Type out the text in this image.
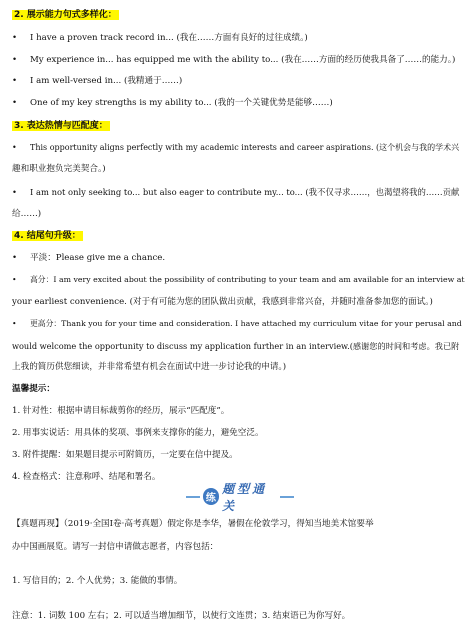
2. 展示能力句式多样化：
• I have a proven track record in... (我在……方面有良好的过往成绩。)
• My experience in... has equipped me with the ability to... (我在……方面的经历使我具备了……的能力。)
• I am well-versed in... (我精通于……)
• One of my key strengths is my ability to... (我的一个关键优势是能够……)
3. 表达热情与匹配度：
• This opportunity aligns perfectly with my academic interests and career aspirations. (这个机会与我的学术兴
趣和职业抱负完美契合。)
• I am not only seeking to... but also eager to contribute my... to... (我不仅寻求……，也渴望将我的……贡献
给……)
4. 结尾句升级：
• 平淡：Please give me a chance.
• 高分：I am very excited about the possibility of contributing to your team and am available for an interview at
your earliest convenience. (对于有可能为您的团队做出贡献，我感到非常兴奋，并随时准备参加您的面试。)
• 更高分：Thank you for your time and consideration. I have attached my curriculum vitae for your perusal and
would welcome the opportunity to discuss my application further in an interview.(感谢您的时间和考虑。我已附
上我的简历供您细读，并非常希望有机会在面试中进一步讨论我的申请。)
温馨提示：
1. 针对性：根据申请目标裁剪你的经历，展示“匹配度”。
2. 用事实说话：用具体的奖项、事例来支撑你的能力，避免空泛。
3. 附件提醒：如果题目提示可附简历，一定要在信中提及。
4. 检查格式：注意称呼、结尾和署名。
练
题型通关
【真题再现】（2019·全国Ⅰ卷·高考真题）假定你是李华，暑假在伦敦学习，得知当地美术馆要举
办中国画展览。请写一封信申请做志愿者，内容包括：
1. 写信目的；2. 个人优势；3. 能做的事情。
注意：1. 词数 100 左右；2. 可以适当增加细节，以使行文连贯；3. 结束语已为你写好。
